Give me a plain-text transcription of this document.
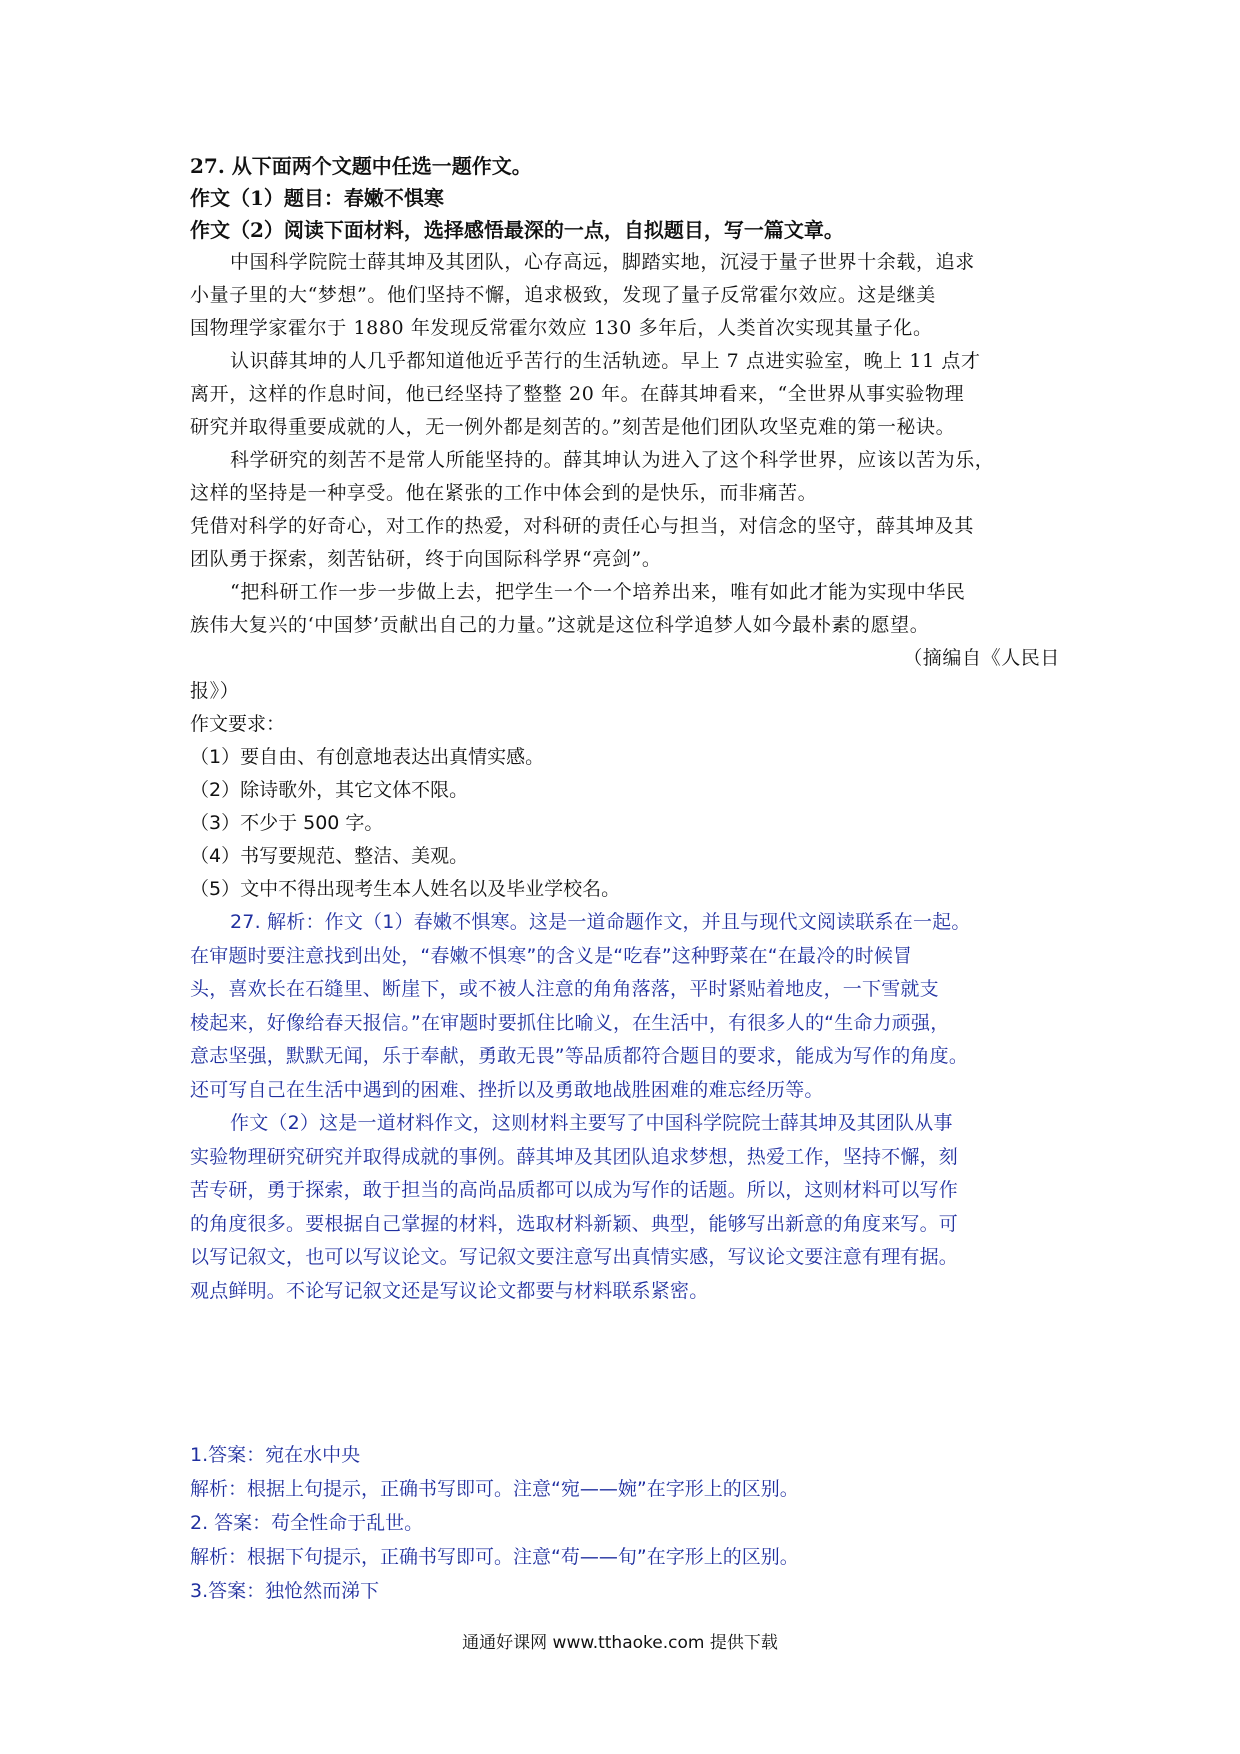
27. 从下面两个文题中任选一题作文。
作文（1）题目：春嫩不惧寒
作文（2）阅读下面材料，选择感悟最深的一点，自拟题目，写一篇文章。
中国科学院院士薛其坤及其团队，心存高远，脚踏实地，沉浸于量子世界十余载，追求
小量子里的大“梦想”。他们坚持不懈，追求极致，发现了量子反常霍尔效应。这是继美
国物理学家霍尔于 1880 年发现反常霍尔效应 130 多年后，人类首次实现其量子化。
认识薛其坤的人几乎都知道他近乎苦行的生活轨迹。早上 7 点进实验室，晚上 11 点才
离开，这样的作息时间，他已经坚持了整整 20 年。在薛其坤看来，“全世界从事实验物理
研究并取得重要成就的人，无一例外都是刻苦的。”刻苦是他们团队攻坚克难的第一秘诀。
科学研究的刻苦不是常人所能坚持的。薛其坤认为进入了这个科学世界，应该以苦为乐，
这样的坚持是一种享受。他在紧张的工作中体会到的是快乐，而非痛苦。
凭借对科学的好奇心，对工作的热爱，对科研的责任心与担当，对信念的坚守，薛其坤及其
团队勇于探索，刻苦钻研，终于向国际科学界“亮剑”。
“把科研工作一步一步做上去，把学生一个一个培养出来，唯有如此才能为实现中华民
族伟大复兴的‘中国梦’贡献出自己的力量。”这就是这位科学追梦人如今最朴素的愿望。
（摘编自《人民日
报》）
作文要求：
（1）要自由、有创意地表达出真情实感。
（2）除诗歌外，其它文体不限。
（3）不少于 500 字。
（4）书写要规范、整洁、美观。
（5）文中不得出现考生本人姓名以及毕业学校名。
27. 解析：作文（1）春嫩不惧寒。这是一道命题作文，并且与现代文阅读联系在一起。
在审题时要注意找到出处，“春嫩不惧寒”的含义是“吃春”这种野菜在“在最冷的时候冒
头，喜欢长在石缝里、断崖下，或不被人注意的角角落落，平时紧贴着地皮，一下雪就支
棱起来，好像给春天报信。”在审题时要抓住比喻义，在生活中，有很多人的“生命力顽强，
意志坚强，默默无闻，乐于奉献，勇敢无畏”等品质都符合题目的要求，能成为写作的角度。
还可写自己在生活中遇到的困难、挫折以及勇敢地战胜困难的难忘经历等。
作文（2）这是一道材料作文，这则材料主要写了中国科学院院士薛其坤及其团队从事
实验物理研究研究并取得成就的事例。薛其坤及其团队追求梦想，热爱工作，坚持不懈，刻
苦专研，勇于探索，敢于担当的高尚品质都可以成为写作的话题。所以，这则材料可以写作
的角度很多。要根据自己掌握的材料，选取材料新颖、典型，能够写出新意的角度来写。可
以写记叙文，也可以写议论文。写记叙文要注意写出真情实感，写议论文要注意有理有据。
观点鲜明。不论写记叙文还是写议论文都要与材料联系紧密。
1.答案：宛在水中央
解析：根据上句提示，正确书写即可。注意“宛——婉”在字形上的区别。
2. 答案：苟全性命于乱世。
解析：根据下句提示，正确书写即可。注意“苟——旬”在字形上的区别。
3.答案：独怆然而涕下
通通好课网 www.tthaoke.com 提供下载
